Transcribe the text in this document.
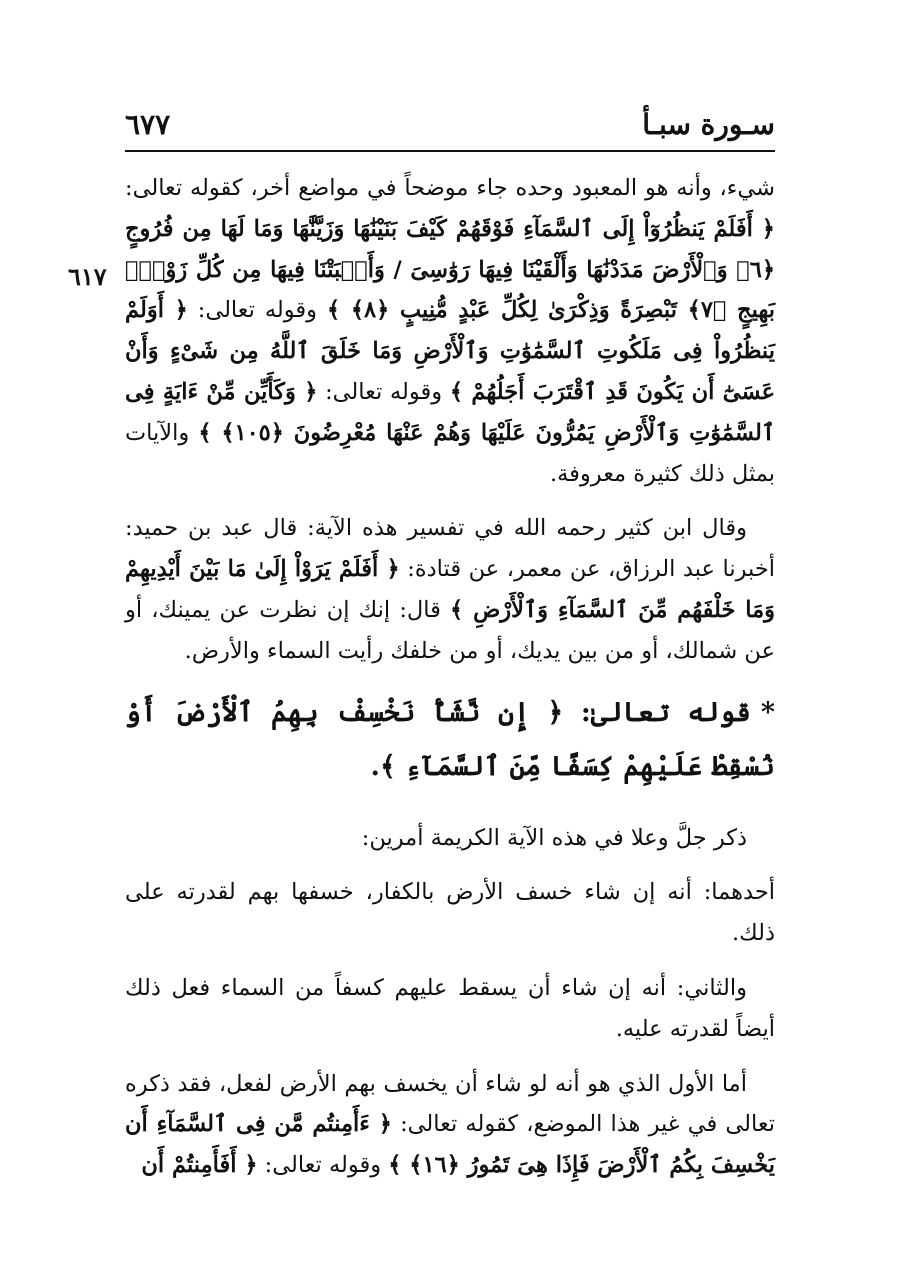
٦٧٧	سـورة سبـأ
٦١٧

شيء، وأنه هو المعبود وحده جاء موضحاً في مواضع أخر، كقوله تعالى: ﴿ أَفَلَمْ يَنظُرُوٓاْ إِلَى ٱلسَّمَآءِ فَوْقَهُمْ كَيْفَ بَنَيْنَٰهَا وَزَيَّنَّٰهَا وَمَا لَهَا مِن فُرُوجٍ ﴿٦﴾ وَٱلْأَرْضَ مَدَدْنَٰهَا وَأَلْقَيْنَا فِيهَا رَوَٰسِىَ / وَأَنۢبَتْنَا فِيهَا مِن كُلِّ زَوْجٍۭ بَهِيجٍ ﴿٧﴾ تَبْصِرَةً وَذِكْرَىٰ لِكُلِّ عَبْدٍ مُّنِيبٍ ﴿٨﴾ ﴾ وقوله تعالى: ﴿ أَوَلَمْ يَنظُرُواْ فِى مَلَكُوتِ ٱلسَّمَٰوَٰتِ وَٱلْأَرْضِ وَمَا خَلَقَ ٱللَّهُ مِن شَىْءٍ وَأَنْ عَسَىٰٓ أَن يَكُونَ قَدِ ٱقْتَرَبَ أَجَلُهُمْ ﴾ وقوله تعالى: ﴿ وَكَأَيِّن مِّنْ ءَايَةٍ فِى ٱلسَّمَٰوَٰتِ وَٱلْأَرْضِ يَمُرُّونَ عَلَيْهَا وَهُمْ عَنْهَا مُعْرِضُونَ ﴿١٠٥﴾ ﴾ والآيات بمثل ذلك كثيرة معروفة.

وقال ابن كثير رحمه الله في تفسير هذه الآية: قال عبد بن حميد: أخبرنا عبد الرزاق، عن معمر، عن قتادة: ﴿ أَفَلَمْ يَرَوْاْ إِلَىٰ مَا بَيْنَ أَيْدِيهِمْ وَمَا خَلْفَهُم مِّنَ ٱلسَّمَآءِ وَٱلْأَرْضِ ﴾ قال: إنك إن نظرت عن يمينك، أو عن شمالك، أو من بين يديك، أو من خلفك رأيت السماء والأرض.

*قوله تعالىٰ: ﴿ إِن نَّشَأْ نَخْسِفْ بِهِمُ ٱلْأَرْضَ أَوْ نُسْقِطْ عَلَيْهِمْ كِسَفًا مِّنَ ٱلسَّمَآءِ ﴾.

ذكر جلَّ وعلا في هذه الآية الكريمة أمرين:

أحدهما: أنه إن شاء خسف الأرض بالكفار، خسفها بهم لقدرته على ذلك.

والثاني: أنه إن شاء أن يسقط عليهم كسفاً من السماء فعل ذلك أيضاً لقدرته عليه.

أما الأول الذي هو أنه لو شاء أن يخسف بهم الأرض لفعل، فقد ذكره تعالى في غير هذا الموضع، كقوله تعالى: ﴿ ءَأَمِنتُم مَّن فِى ٱلسَّمَآءِ أَن يَخْسِفَ بِكُمُ ٱلْأَرْضَ فَإِذَا هِىَ تَمُورُ ﴿١٦﴾ ﴾ وقوله تعالى: ﴿ أَفَأَمِنتُمْ أَن
